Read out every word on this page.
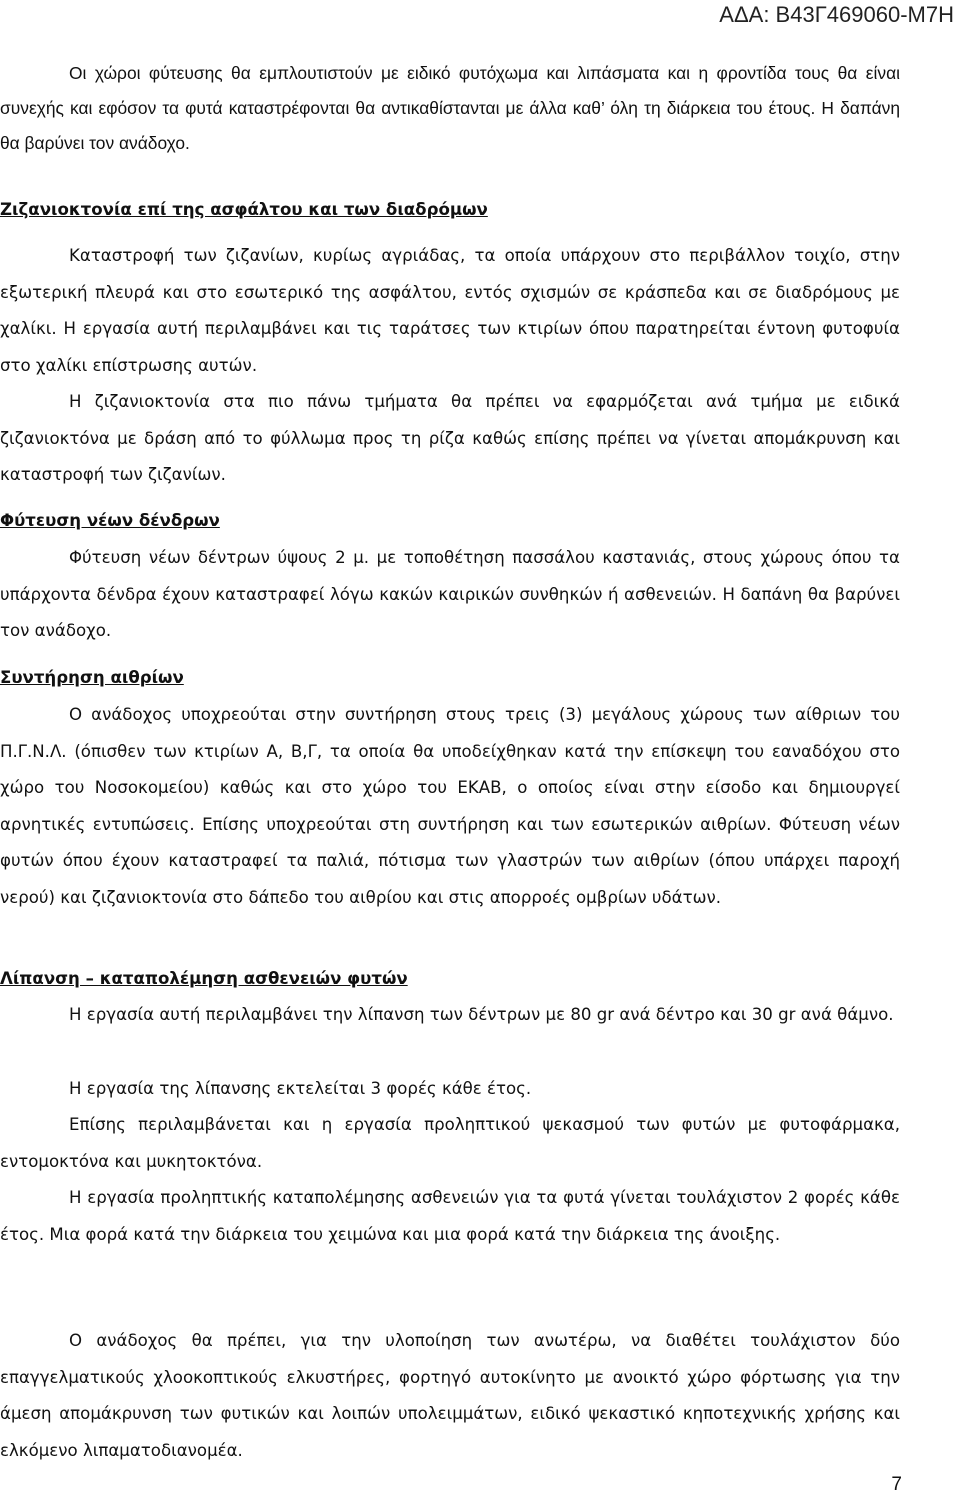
ΑΔΑ: Β43Γ469060-Μ7Η

Οι χώροι φύτευσης θα εμπλουτιστούν με ειδικό φυτόχωμα και λιπάσματα και η φροντίδα τους θα είναι συνεχής και εφόσον τα φυτά καταστρέφονται θα αντικαθίστανται με άλλα καθ’ όλη τη διάρκεια του έτους. Η δαπάνη θα βαρύνει τον ανάδοχο.

Ζιζανιοκτονία επί της ασφάλτου και των διαδρόμων

Καταστροφή των ζιζανίων, κυρίως αγριάδας, τα οποία υπάρχουν στο περιβάλλον τοιχίο, στην εξωτερική πλευρά και στο εσωτερικό της ασφάλτου, εντός σχισμών σε κράσπεδα και σε διαδρόμους με χαλίκι. Η εργασία αυτή περιλαμβάνει και τις ταράτσες των κτιρίων όπου παρατηρείται έντονη φυτοφυία στο χαλίκι επίστρωσης αυτών.

Η ζιζανιοκτονία στα πιο πάνω τμήματα θα πρέπει να εφαρμόζεται ανά τμήμα με ειδικά ζιζανιοκτόνα με δράση από το φύλλωμα προς τη ρίζα καθώς επίσης πρέπει να γίνεται απομάκρυνση και καταστροφή των ζιζανίων.

Φύτευση νέων δένδρων

Φύτευση νέων δέντρων ύψους 2 μ. με τοποθέτηση πασσάλου καστανιάς, στους χώρους όπου τα υπάρχοντα δένδρα έχουν καταστραφεί λόγω κακών καιρικών συνθηκών ή ασθενειών. Η δαπάνη θα βαρύνει τον ανάδοχο.

Συντήρηση αιθρίων

Ο ανάδοχος υποχρεούται στην συντήρηση στους τρεις (3) μεγάλους χώρους των αίθριων του Π.Γ.Ν.Λ. (όπισθεν των κτιρίων Α, Β,Γ, τα οποία θα υποδείχθηκαν κατά την επίσκεψη του εαναδόχου στο χώρο του Νοσοκομείου) καθώς και στο χώρο του ΕΚΑΒ, ο οποίος είναι στην είσοδο και δημιουργεί αρνητικές εντυπώσεις. Επίσης υποχρεούται στη συντήρηση και των εσωτερικών αιθρίων. Φύτευση νέων φυτών όπου έχουν καταστραφεί τα παλιά, πότισμα των γλαστρών των αιθρίων (όπου υπάρχει παροχή νερού) και ζιζανιοκτονία στο δάπεδο του αιθρίου και στις απορροές ομβρίων υδάτων.

Λίπανση – καταπολέμηση ασθενειών φυτών

Η εργασία αυτή περιλαμβάνει την λίπανση των δέντρων με 80 gr ανά δέντρο και 30 gr ανά θάμνο.

Η εργασία της λίπανσης εκτελείται 3 φορές κάθε έτος.

Επίσης περιλαμβάνεται και η εργασία προληπτικού ψεκασμού των φυτών με φυτοφάρμακα, εντομοκτόνα και μυκητοκτόνα.

Η εργασία προληπτικής καταπολέμησης ασθενειών για τα φυτά γίνεται τουλάχιστον 2 φορές κάθε έτος. Μια φορά κατά την διάρκεια του χειμώνα και μια φορά κατά την διάρκεια της άνοιξης.

Ο ανάδοχος θα πρέπει, για την υλοποίηση των ανωτέρω, να διαθέτει τουλάχιστον δύο επαγγελματικούς χλοοκοπτικούς ελκυστήρες, φορτηγό αυτοκίνητο με ανοικτό χώρο φόρτωσης για την άμεση απομάκρυνση των φυτικών και λοιπών υπολειμμάτων, ειδικό ψεκαστικό κηποτεχνικής χρήσης και ελκόμενο λιπαματοδιανομέα.

7
